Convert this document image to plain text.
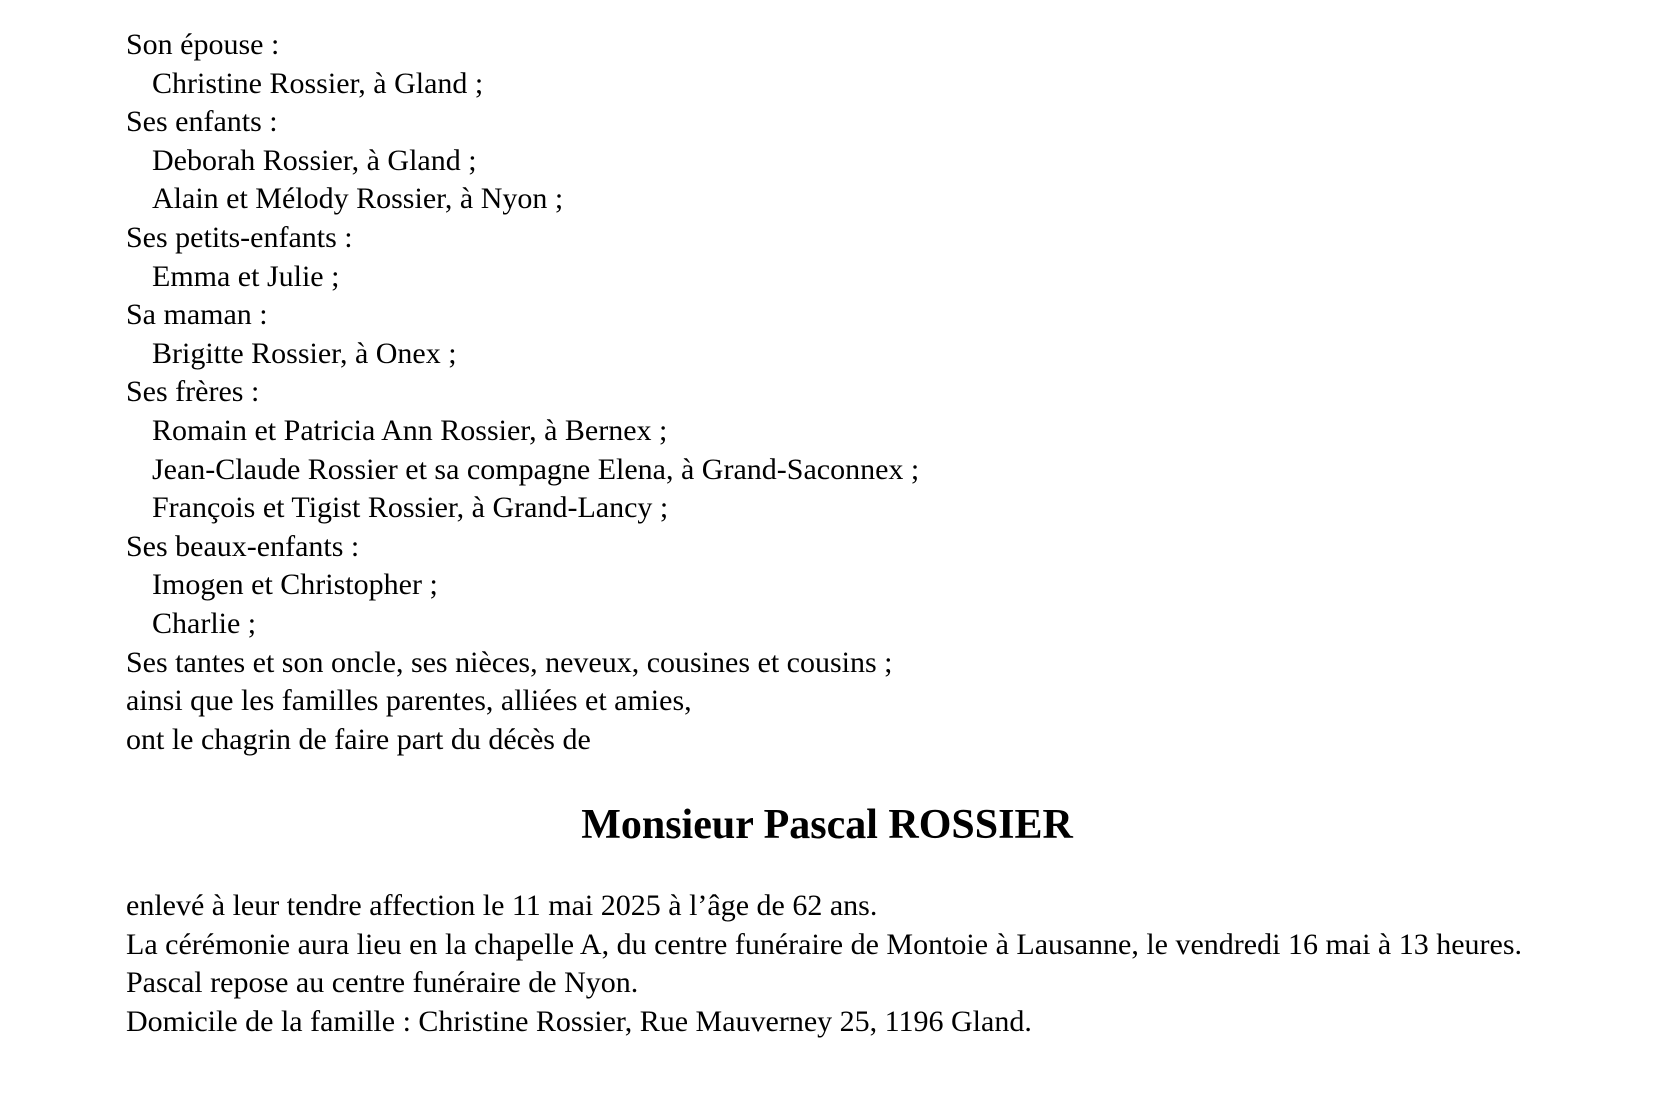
Son épouse :
Christine Rossier, à Gland ;
Ses enfants :
Deborah Rossier, à Gland ;
Alain et Mélody Rossier, à Nyon ;
Ses petits-enfants :
Emma et Julie ;
Sa maman :
Brigitte Rossier, à Onex ;
Ses frères :
Romain et Patricia Ann Rossier, à Bernex ;
Jean-Claude Rossier et sa compagne Elena, à Grand-Saconnex ;
François et Tigist Rossier, à Grand-Lancy ;
Ses beaux-enfants :
Imogen et Christopher ;
Charlie ;
Ses tantes et son oncle, ses nièces, neveux, cousines et cousins ;
ainsi que les familles parentes, alliées et amies,
ont le chagrin de faire part du décès de
Monsieur Pascal ROSSIER

enlevé à leur tendre affection le 11 mai 2025 à l’âge de 62 ans.

La cérémonie aura lieu en la chapelle A, du centre funéraire de Montoie à Lausanne, le vendredi 16 mai à 13 heures.

Pascal repose au centre funéraire de Nyon.

Domicile de la famille : Christine Rossier, Rue Mauverney 25, 1196 Gland.
